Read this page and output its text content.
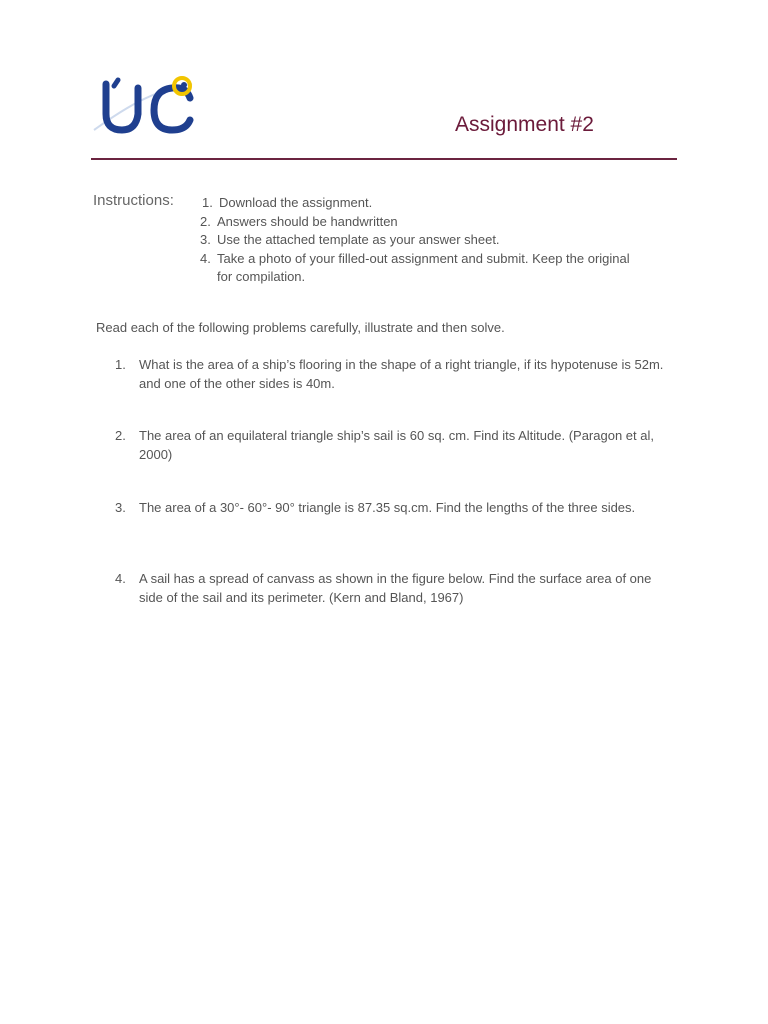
Assignment #2
Instructions: 1. Download the assignment.
2. Answers should be handwritten
3. Use the attached template as your answer sheet.
4. Take a photo of your filled-out assignment and submit. Keep the original for compilation.
Read each of the following problems carefully, illustrate and then solve.
1. What is the area of a ship’s flooring in the shape of a right triangle, if its hypotenuse is 52m. and one of the other sides is 40m.
2. The area of an equilateral triangle ship’s sail is 60 sq. cm. Find its Altitude. (Paragon et al, 2000)
3. The area of a 30°- 60°- 90° triangle is 87.35 sq.cm. Find the lengths of the three sides.
4. A sail has a spread of canvass as shown in the figure below. Find the surface area of one side of the sail and its perimeter. (Kern and Bland, 1967)
